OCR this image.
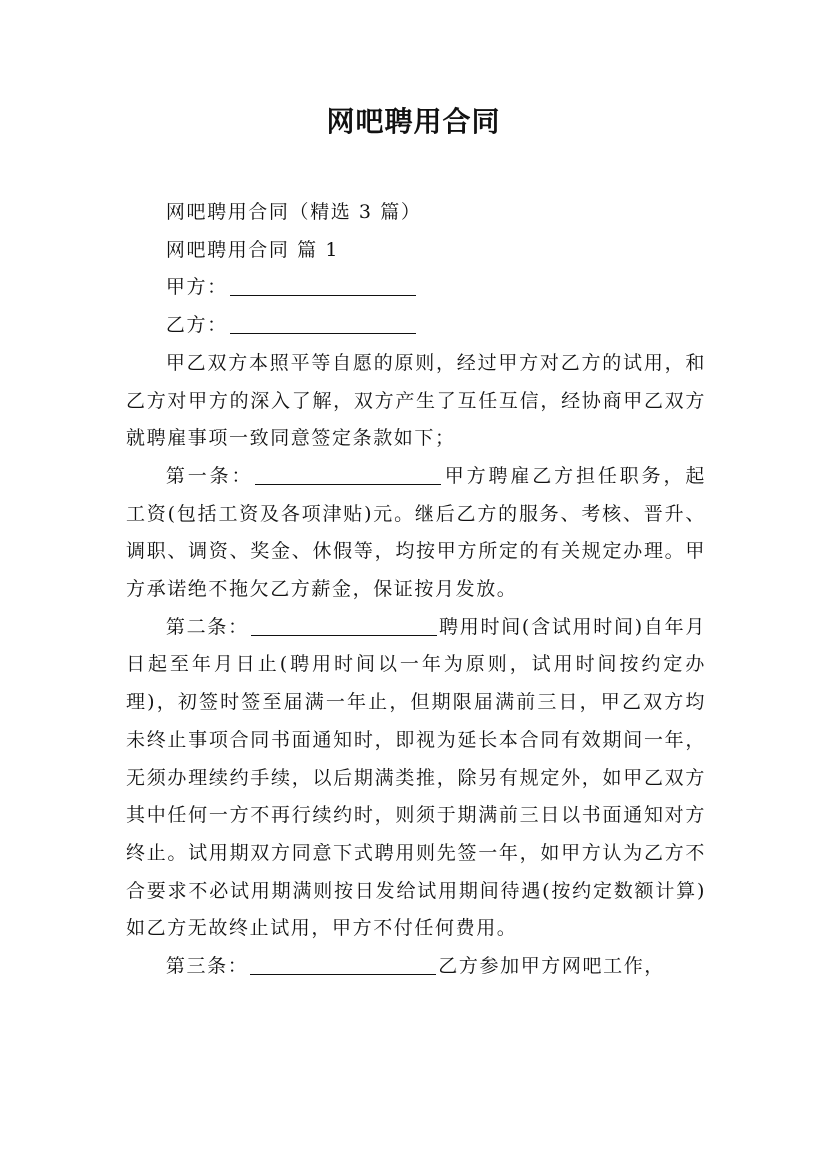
网吧聘用合同

网吧聘用合同（精选 3 篇）

网吧聘用合同 篇 1

甲方：

乙方：

甲乙双方本照平等自愿的原则，经过甲方对乙方的试用，和乙方对甲方的深入了解，双方产生了互任互信，经协商甲乙双方就聘雇事项一致同意签定条款如下；

第一条：	甲方聘雇乙方担任职务，起工资(包括工资及各项津贴)元。继后乙方的服务、考核、晋升、调职、调资、奖金、休假等，均按甲方所定的有关规定办理。甲方承诺绝不拖欠乙方薪金，保证按月发放。

第二条：	聘用时间(含试用时间)自年月日起至年月日止(聘用时间以一年为原则，试用时间按约定办理)，初签时签至届满一年止，但期限届满前三日，甲乙双方均未终止事项合同书面通知时，即视为延长本合同有效期间一年，无须办理续约手续，以后期满类推，除另有规定外，如甲乙双方其中任何一方不再行续约时，则须于期满前三日以书面通知对方终止。试用期双方同意下式聘用则先签一年，如甲方认为乙方不合要求不必试用期满则按日发给试用期间待遇(按约定数额计算)如乙方无故终止试用，甲方不付任何费用。

第三条：	乙方参加甲方网吧工作，
